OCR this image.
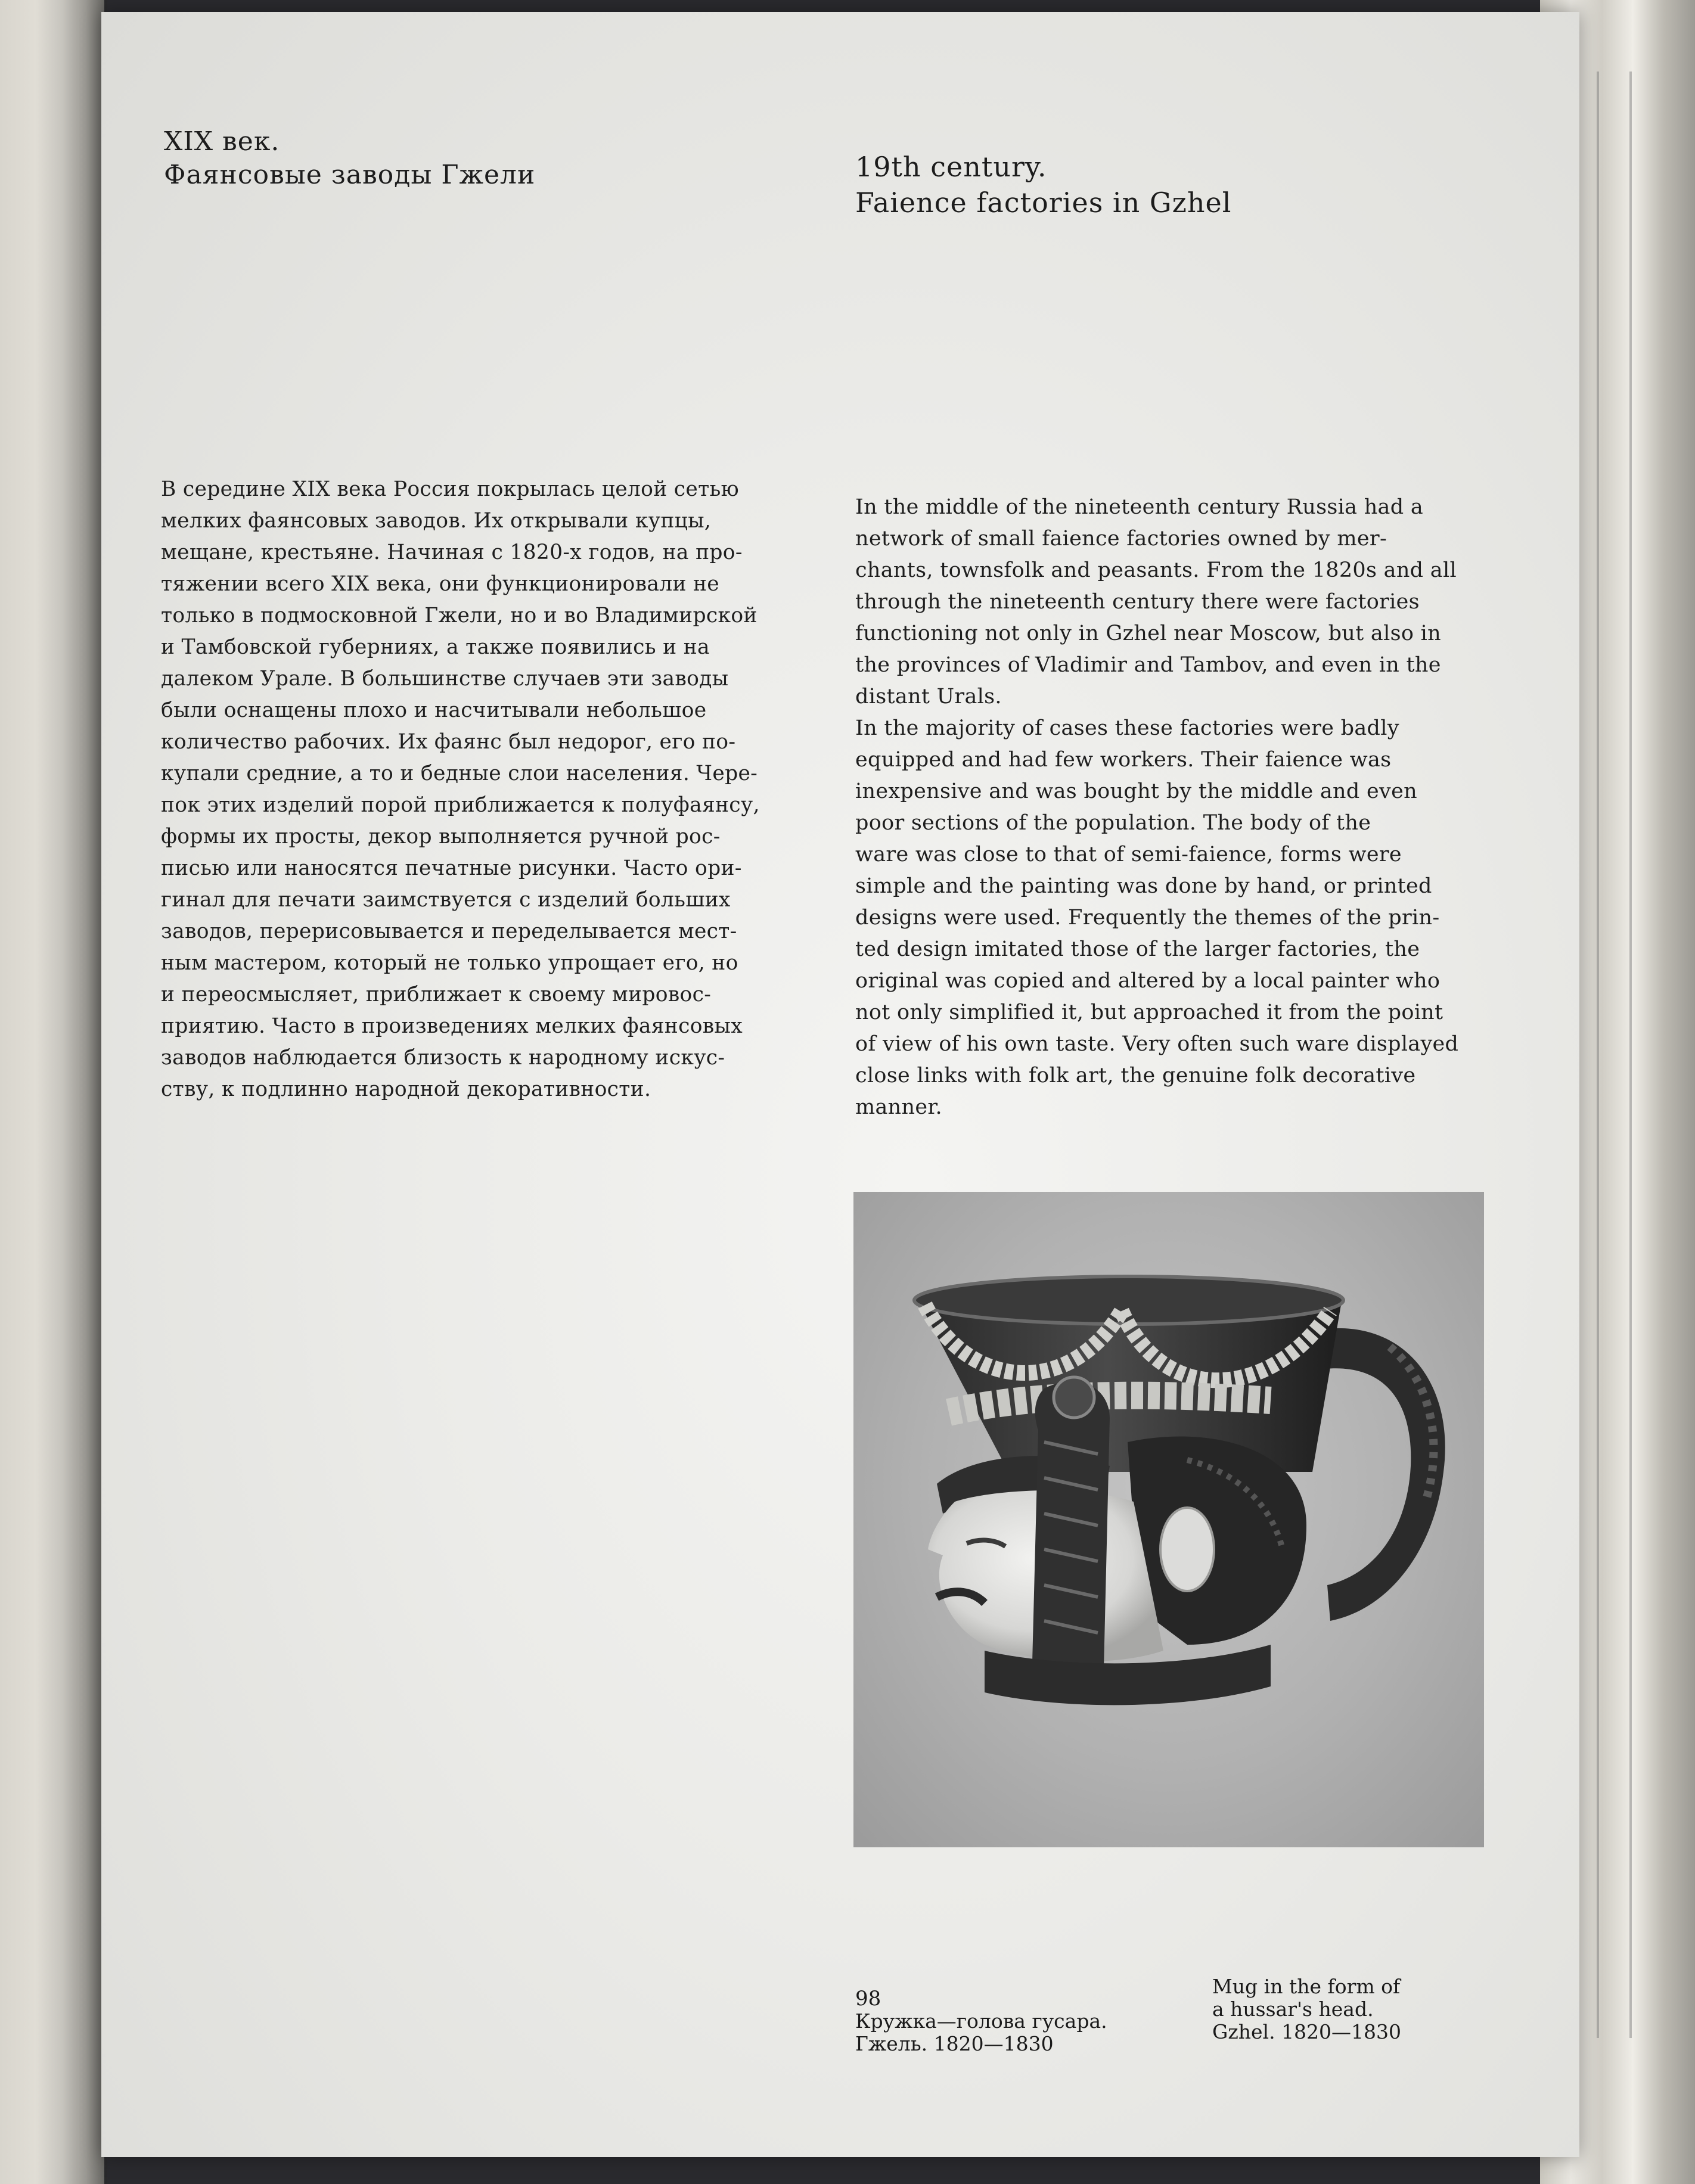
XIX век.
Фаянсовые заводы Гжели	19th century.
Faience factories in Gzhel
В середине XIX века Россия покрылась целой сетью
мелких фаянсовых заводов. Их открывали купцы,
мещане, крестьяне. Начиная с 1820-х годов, на про-
тяжении всего XIX века, они функционировали не
только в подмосковной Гжели, но и во Владимирской
и Тамбовской губерниях, а также появились и на
далеком Урале. В большинстве случаев эти заводы
были оснащены плохо и насчитывали небольшое
количество рабочих. Их фаянс был недорог, его по-
купали средние, а то и бедные слои населения. Чере-
пок этих изделий порой приближается к полуфаянсу,
формы их просты, декор выполняется ручной рос-
писью или наносятся печатные рисунки. Часто ори-
гинал для печати заимствуется с изделий больших
заводов, перерисовывается и переделывается мест-
ным мастером, который не только упрощает его, но
и переосмысляет, приближает к своему мировос-
приятию. Часто в произведениях мелких фаянсовых
заводов наблюдается близость к народному искус-
ству, к подлинно народной декоративности.
In the middle of the nineteenth century Russia had a
network of small faience factories owned by mer-
chants, townsfolk and peasants. From the 1820s and all
through the nineteenth century there were factories
functioning not only in Gzhel near Moscow, but also in
the provinces of Vladimir and Tambov, and even in the
distant Urals.
In the majority of cases these factories were badly
equipped and had few workers. Their faience was
inexpensive and was bought by the middle and even
poor sections of the population. The body of the
ware was close to that of semi-faience, forms were
simple and the painting was done by hand, or printed
designs were used. Frequently the themes of the prin-
ted design imitated those of the larger factories, the
original was copied and altered by a local painter who
not only simplified it, but approached it from the point
of view of his own taste. Very often such ware displayed
close links with folk art, the genuine folk decorative
manner.
98
Кружка—голова гусара.
Гжель. 1820—1830
Mug in the form of
a hussar's head.
Gzhel. 1820—1830
